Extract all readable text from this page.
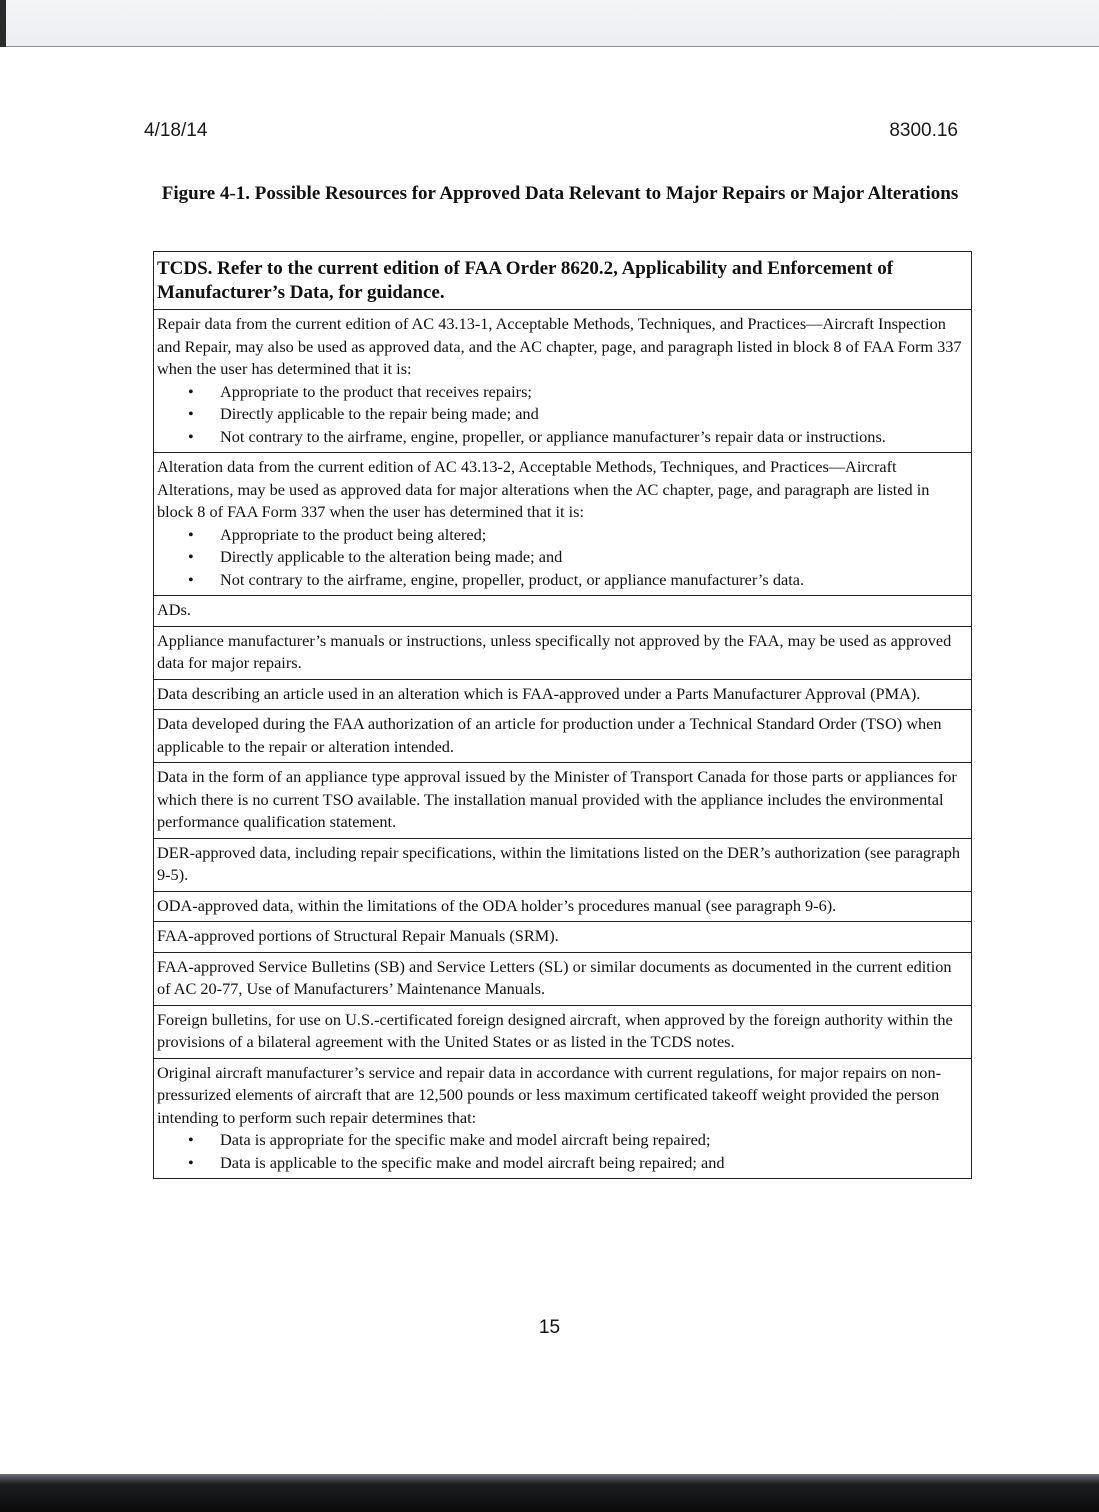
4/18/14	8300.16
Figure 4-1. Possible Resources for Approved Data Relevant to Major Repairs or Major Alterations
TCDS. Refer to the current edition of FAA Order 8620.2, Applicability and Enforcement of Manufacturer’s Data, for guidance.

Repair data from the current edition of AC 43.13-1, Acceptable Methods, Techniques, and Practices—Aircraft Inspection and Repair, may also be used as approved data, and the AC chapter, page, and paragraph listed in block 8 of FAA Form 337 when the user has determined that it is:
• Appropriate to the product that receives repairs;
• Directly applicable to the repair being made; and
• Not contrary to the airframe, engine, propeller, or appliance manufacturer’s repair data or instructions.

Alteration data from the current edition of AC 43.13-2, Acceptable Methods, Techniques, and Practices—Aircraft Alterations, may be used as approved data for major alterations when the AC chapter, page, and paragraph are listed in block 8 of FAA Form 337 when the user has determined that it is:
• Appropriate to the product being altered;
• Directly applicable to the alteration being made; and
• Not contrary to the airframe, engine, propeller, product, or appliance manufacturer’s data.

ADs.
Appliance manufacturer’s manuals or instructions, unless specifically not approved by the FAA, may be used as approved data for major repairs.
Data describing an article used in an alteration which is FAA-approved under a Parts Manufacturer Approval (PMA).
Data developed during the FAA authorization of an article for production under a Technical Standard Order (TSO) when applicable to the repair or alteration intended.
Data in the form of an appliance type approval issued by the Minister of Transport Canada for those parts or appliances for which there is no current TSO available. The installation manual provided with the appliance includes the environmental performance qualification statement.
DER-approved data, including repair specifications, within the limitations listed on the DER’s authorization (see paragraph 9-5).
ODA-approved data, within the limitations of the ODA holder’s procedures manual (see paragraph 9-6).
FAA-approved portions of Structural Repair Manuals (SRM).
FAA-approved Service Bulletins (SB) and Service Letters (SL) or similar documents as documented in the current edition of AC 20-77, Use of Manufacturers’ Maintenance Manuals.
Foreign bulletins, for use on U.S.-certificated foreign designed aircraft, when approved by the foreign authority within the provisions of a bilateral agreement with the United States or as listed in the TCDS notes.

Original aircraft manufacturer’s service and repair data in accordance with current regulations, for major repairs on non-pressurized elements of aircraft that are 12,500 pounds or less maximum certificated takeoff weight provided the person intending to perform such repair determines that:
• Data is appropriate for the specific make and model aircraft being repaired;
• Data is applicable to the specific make and model aircraft being repaired; and
15
